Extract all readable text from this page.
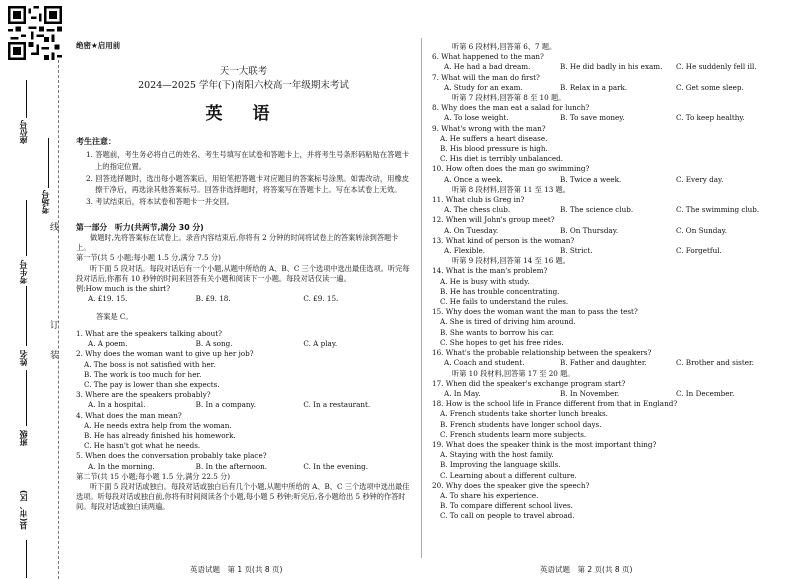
座位号
考场号
考生号
姓名
班级
县(市、区)
线
订
装
绝密★启用前
天一大联考
2024—2025 学年(下)南阳六校高一年级期末考试
英 语
考生注意：

1. 答题前，考生务必将自己的姓名、考生号填写在试卷和答题卡上，并将考生号条形码粘贴在答题卡上的指定位置。

2. 回答选择题时，选出每小题答案后，用铅笔把答题卡对应题目的答案标号涂黑。如需改动，用橡皮擦干净后，再选涂其他答案标号。回答非选择题时，将答案写在答题卡上。写在本试卷上无效。

3. 考试结束后，将本试卷和答题卡一并交回。

第一部分　听力(共两节,满分 30 分)

做题时,先将答案标在试卷上。录音内容结束后,你将有 2 分钟的时间将试卷上的答案转涂到答题卡上。

第一节(共 5 小题;每小题 1.5 分,满分 7.5 分)

听下面 5 段对话。每段对话后有一个小题,从题中所给的 A、B、C 三个选项中选出最佳选项。听完每段对话后,你都有 10 秒钟的时间来回答有关小题和阅读下一小题。每段对话仅读一遍。

例:How much is the shirt?

A. £19. 15.	B. £9. 18.	C. £9. 15.

答案是 C。

1. What are the speakers talking about?
A. A poem.	B. A song.	C. A play.
2. Why does the woman want to give up her job?
A. The boss is not satisfied with her.
B. The work is too much for her.
C. The pay is lower than she expects.
3. Where are the speakers probably?
A. In a hospital.	B. In a company.	C. In a restaurant.
4. What does the man mean?
A. He needs extra help from the woman.
B. He has already finished his homework.
C. He hasn't got what he needs.
5. When does the conversation probably take place?
A. In the morning.	B. In the afternoon.	C. In the evening.

第二节(共 15 小题;每小题 1.5 分,满分 22.5 分)

听下面 5 段对话或独白。每段对话或独白后有几个小题,从题中所给的 A、B、C 三个选项中选出最佳选项。听每段对话或独白前,你将有时间阅读各个小题,每小题 5 秒钟;听完后,各小题给出 5 秒钟的作答时间。每段对话或独白读两遍。

听第 6 段材料,回答第 6、7 题。
6. What happened to the man?
A. He had a bad dream.	B. He did badly in his exam.	C. He suddenly fell ill.
7. What will the man do first?
A. Study for an exam.	B. Relax in a park.	C. Get some sleep.
听第 7 段材料,回答第 8 至 10 题。
8. Why does the man eat a salad for lunch?
A. To lose weight.	B. To save money.	C. To keep healthy.
9. What's wrong with the man?
A. He suffers a heart disease.
B. His blood pressure is high.
C. His diet is terribly unbalanced.
10. How often does the man go swimming?
A. Once a week.	B. Twice a week.	C. Every day.
听第 8 段材料,回答第 11 至 13 题。
11. What club is Greg in?
A. The chess club.	B. The science club.	C. The swimming club.
12. When will John's group meet?
A. On Tuesday.	B. On Thursday.	C. On Sunday.
13. What kind of person is the woman?
A. Flexible.	B. Strict.	C. Forgetful.
听第 9 段材料,回答第 14 至 16 题。
14. What is the man's problem?
A. He is busy with study.
B. He has trouble concentrating.
C. He fails to understand the rules.
15. Why does the woman want the man to pass the test?
A. She is tired of driving him around.
B. She wants to borrow his car.
C. She hopes to get his free rides.
16. What's the probable relationship between the speakers?
A. Coach and student.	B. Father and daughter.	C. Brother and sister.
听第 10 段材料,回答第 17 至 20 题。
17. When did the speaker's exchange program start?
A. In May.	B. In November.	C. In December.
18. How is the school life in France different from that in England?
A. French students take shorter lunch breaks.
B. French students have longer school days.
C. French students learn more subjects.
19. What does the speaker think is the most important thing?
A. Staying with the host family.
B. Improving the language skills.
C. Learning about a different culture.
20. Why does the speaker give the speech?
A. To share his experience.
B. To compare different school lives.
C. To call on people to travel abroad.
英语试题　第 1 页(共 8 页)	英语试题　第 2 页(共 8 页)
